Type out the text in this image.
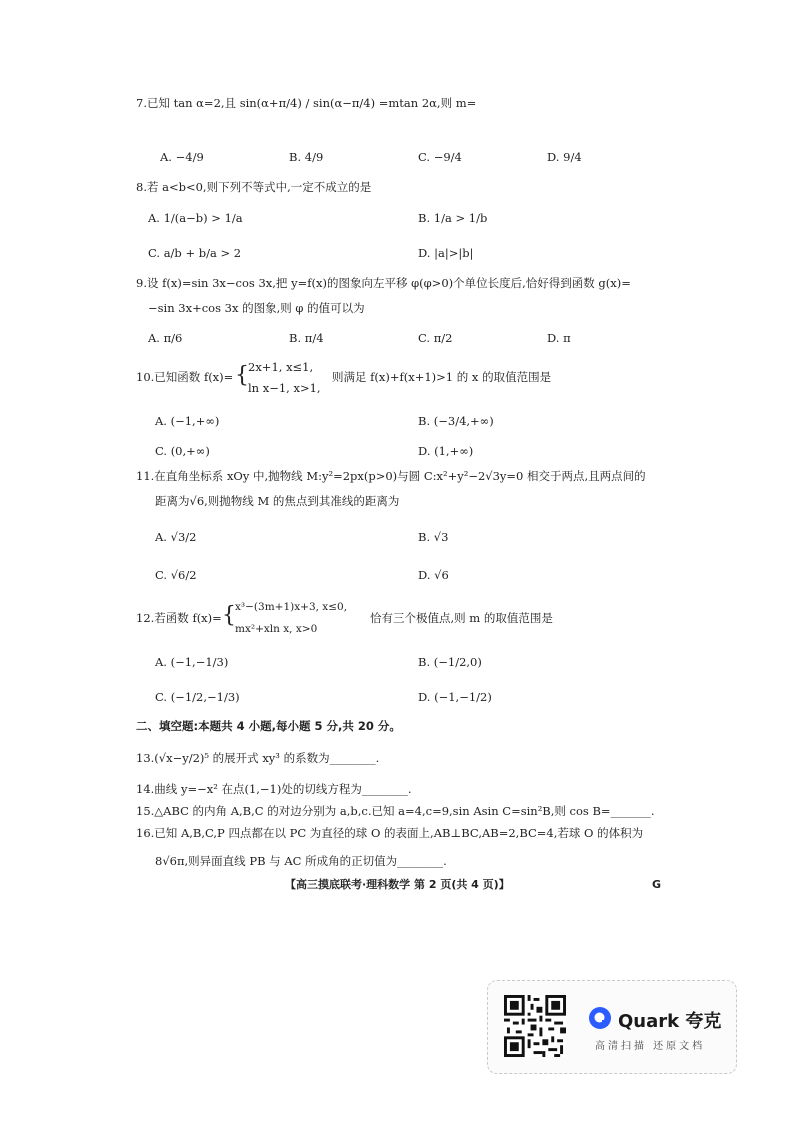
7.已知 tan α=2,且 sin(α+π/4) / sin(α−π/4) =mtan 2α,则 m=
A. −4/9	B. 4/9	C. −9/4	D. 9/4
8.若 a<b<0,则下列不等式中,一定不成立的是
A. 1/(a−b) > 1/a	B. 1/a > 1/b
C. a/b + b/a > 2	D. |a|>|b|
9.设 f(x)=sin 3x−cos 3x,把 y=f(x)的图象向左平移 φ(φ>0)个单位长度后,恰好得到函数 g(x)=
−sin 3x+cos 3x 的图象,则 φ 的值可以为
A. π/6	B. π/4	C. π/2	D. π
10.已知函数 f(x)= { 2x+1, x≤1,
ln x−1, x>1,
则满足 f(x)+f(x+1)>1 的 x 的取值范围是
A. (−1,+∞)	B. (−3/4,+∞)
C. (0,+∞)	D. (1,+∞)
11.在直角坐标系 xOy 中,抛物线 M:y²=2px(p>0)与圆 C:x²+y²−2√3y=0 相交于两点,且两点间的
距离为√6,则抛物线 M 的焦点到其准线的距离为
A. √3/2	B. √3
C. √6/2	D. √6
12.若函数 f(x)= { x³−(3m+1)x+3, x≤0,
mx²+xln x, x>0
恰有三个极值点,则 m 的取值范围是
A. (−1,−1/3)	B. (−1/2,0)
C. (−1/2,−1/3)	D. (−1,−1/2)
二、填空题:本题共 4 小题,每小题 5 分,共 20 分。
13.(√x−y/2)⁵ 的展开式 xy³ 的系数为________.
14.曲线 y=−x² 在点(1,−1)处的切线方程为________.
15.△ABC 的内角 A,B,C 的对边分别为 a,b,c.已知 a=4,c=9,sin Asin C=sin²B,则 cos B=_______.
16.已知 A,B,C,P 四点都在以 PC 为直径的球 O 的表面上,AB⊥BC,AB=2,BC=4,若球 O 的体积为
8√6π,则异面直线 PB 与 AC 所成角的正切值为________.
【高三摸底联考·理科数学 第 2 页(共 4 页)】	G
Quark 夸克
高清扫描 还原文档
